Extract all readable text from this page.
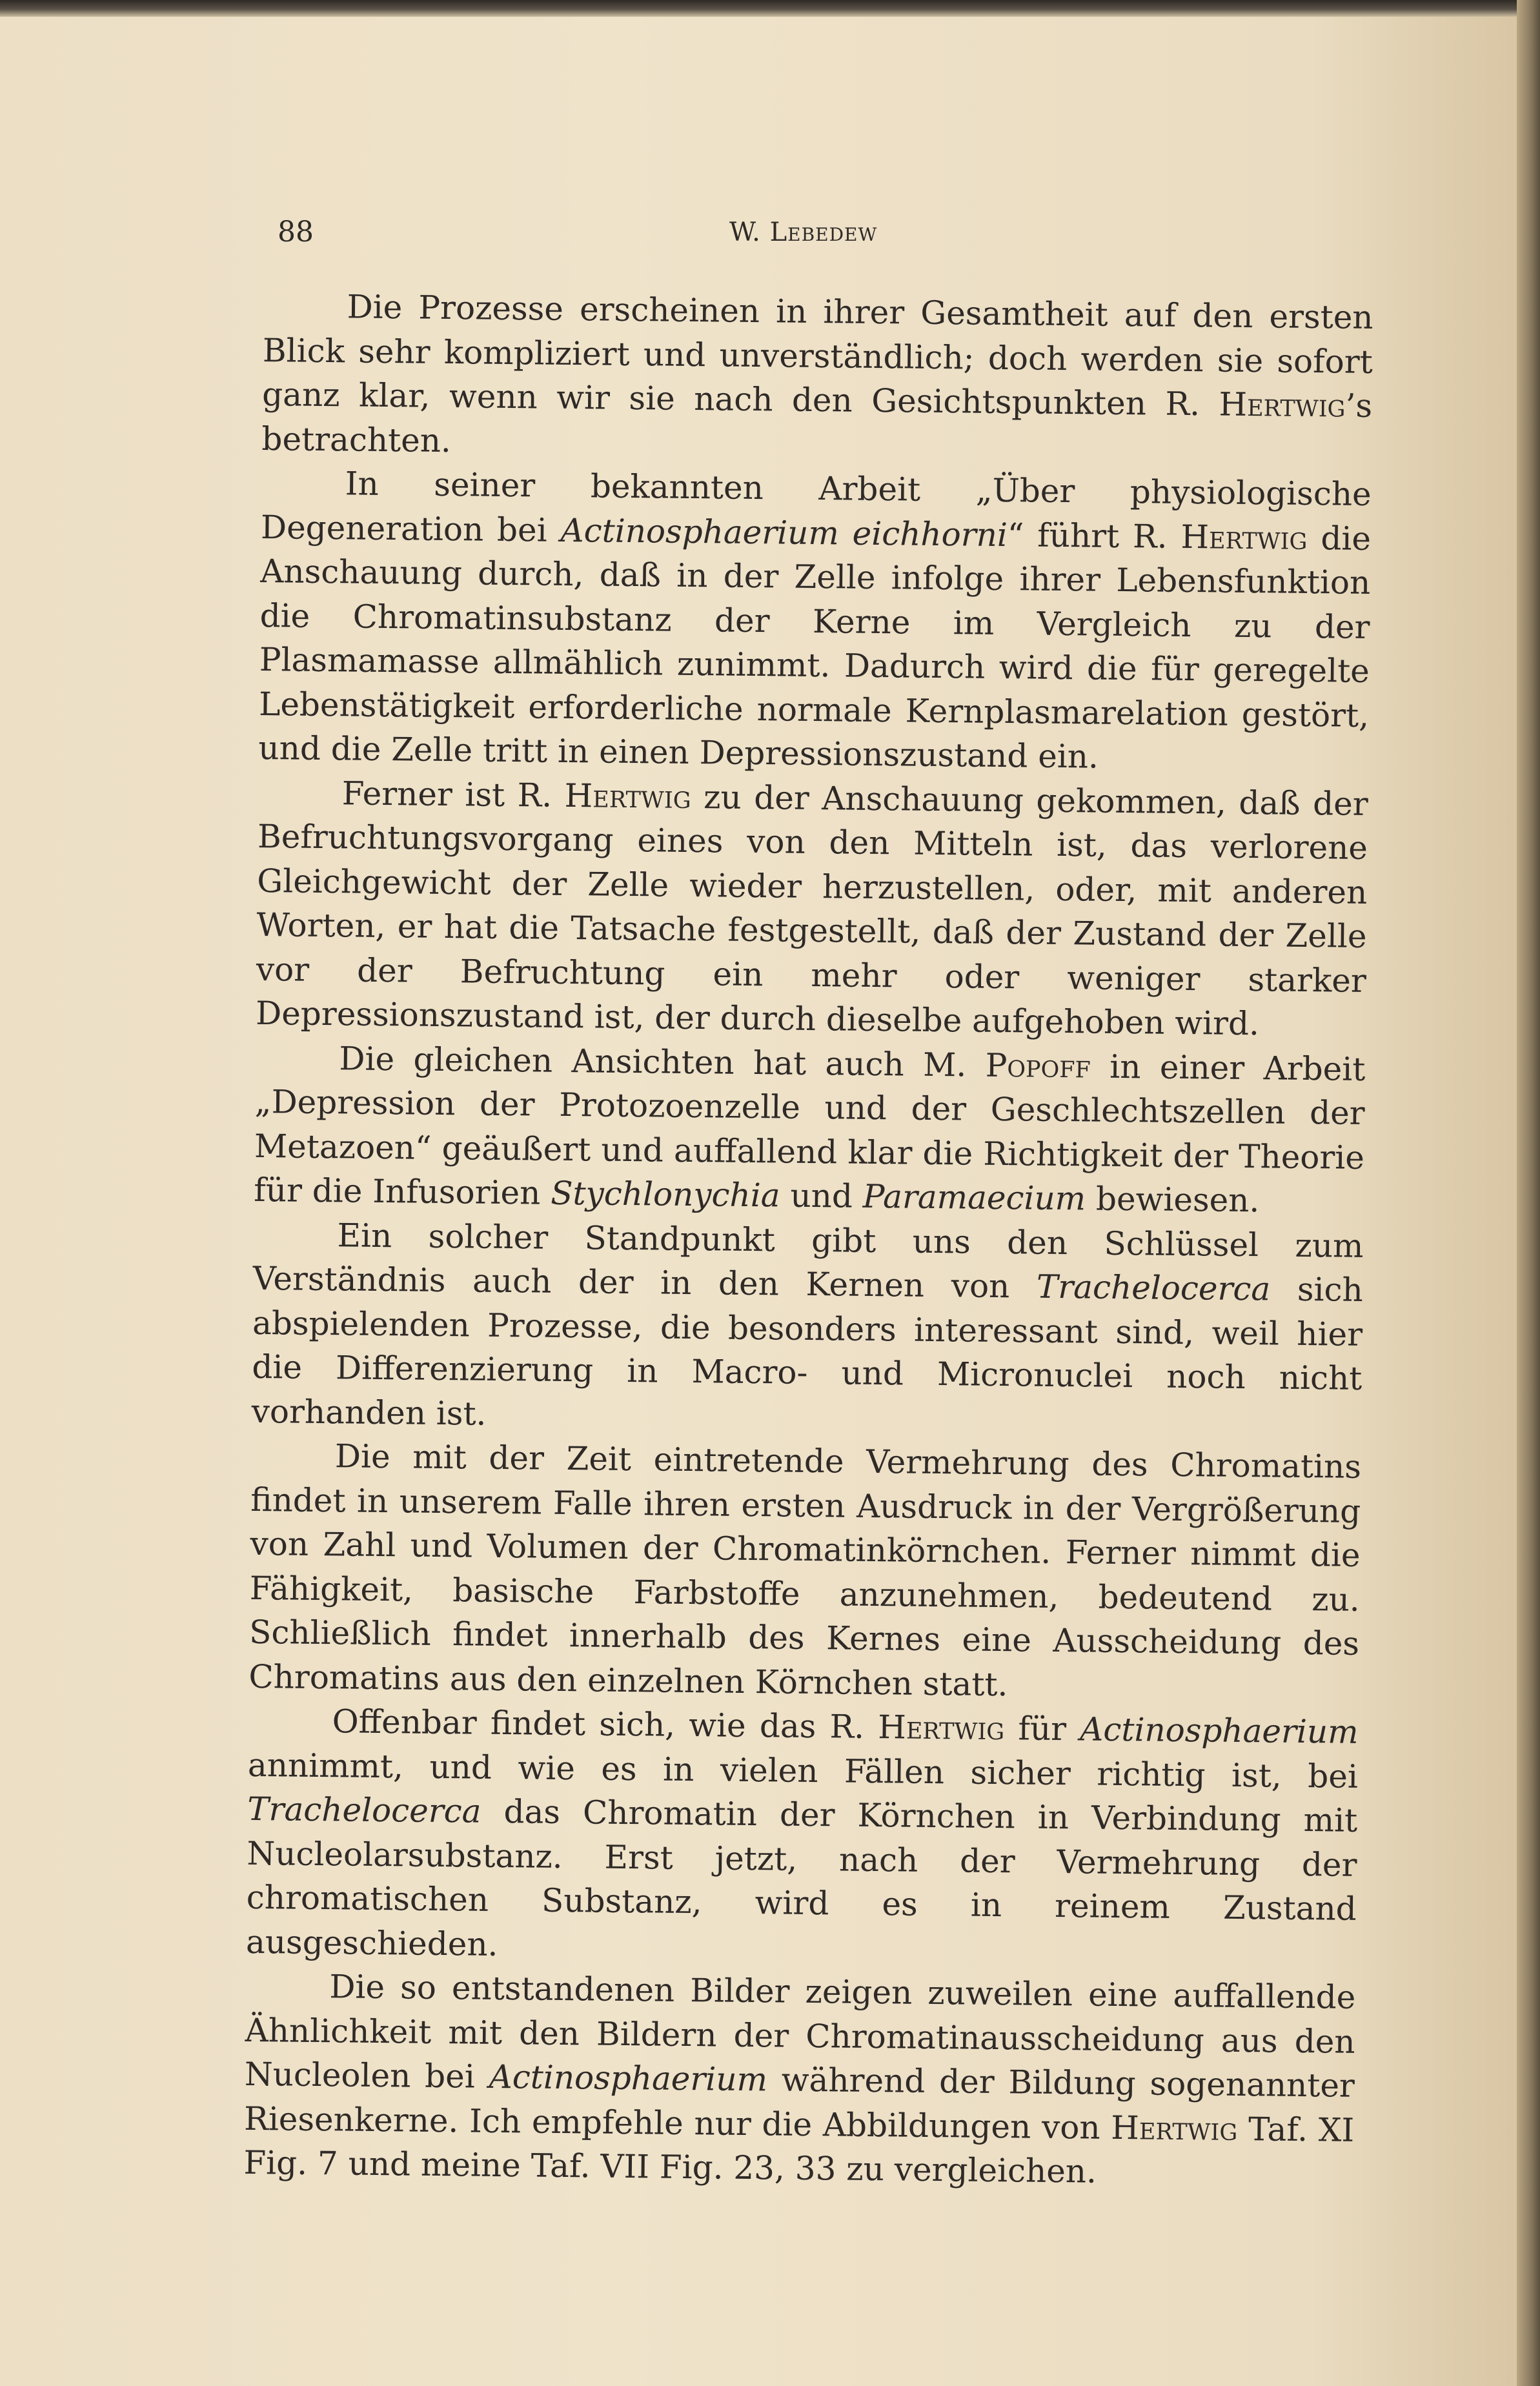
88	W. Lebedew

Die Prozesse erscheinen in ihrer Gesamtheit auf den ersten Blick sehr kompliziert und unverständlich; doch werden sie sofort ganz klar, wenn wir sie nach den Gesichtspunkten R. Hertwig’s betrachten.

In seiner bekannten Arbeit „Über physiologische Degeneration bei Actinosphaerium eichhorni“ führt R. Hertwig die Anschauung durch, daß in der Zelle infolge ihrer Lebensfunktion die Chromatinsubstanz der Kerne im Vergleich zu der Plasmamasse allmählich zunimmt. Dadurch wird die für geregelte Lebenstätigkeit erforderliche normale Kernplasmarelation gestört, und die Zelle tritt in einen Depressionszustand ein.

Ferner ist R. Hertwig zu der Anschauung gekommen, daß der Befruchtungsvorgang eines von den Mitteln ist, das verlorene Gleichgewicht der Zelle wieder herzustellen, oder, mit anderen Worten, er hat die Tatsache festgestellt, daß der Zustand der Zelle vor der Befruchtung ein mehr oder weniger starker Depressionszustand ist, der durch dieselbe aufgehoben wird.

Die gleichen Ansichten hat auch M. Popoff in einer Arbeit „Depression der Protozoenzelle und der Geschlechtszellen der Metazoen“ geäußert und auffallend klar die Richtigkeit der Theorie für die Infusorien Stychlonychia und Paramaecium bewiesen.

Ein solcher Standpunkt gibt uns den Schlüssel zum Verständnis auch der in den Kernen von Trachelocerca sich abspielenden Prozesse, die besonders interessant sind, weil hier die Differenzierung in Macro- und Micronuclei noch nicht vorhanden ist.

Die mit der Zeit eintretende Vermehrung des Chromatins findet in unserem Falle ihren ersten Ausdruck in der Vergrößerung von Zahl und Volumen der Chromatinkörnchen. Ferner nimmt die Fähigkeit, basische Farbstoffe anzunehmen, bedeutend zu. Schließlich findet innerhalb des Kernes eine Ausscheidung des Chromatins aus den einzelnen Körnchen statt.

Offenbar findet sich, wie das R. Hertwig für Actinosphaerium annimmt, und wie es in vielen Fällen sicher richtig ist, bei Trachelocerca das Chromatin der Körnchen in Verbindung mit Nucleolarsubstanz. Erst jetzt, nach der Vermehrung der chromatischen Substanz, wird es in reinem Zustand ausgeschieden.

Die so entstandenen Bilder zeigen zuweilen eine auffallende Ähnlichkeit mit den Bildern der Chromatinausscheidung aus den Nucleolen bei Actinosphaerium während der Bildung sogenannter Riesenkerne. Ich empfehle nur die Abbildungen von Hertwig Taf. XI Fig. 7 und meine Taf. VII Fig. 23, 33 zu vergleichen.
